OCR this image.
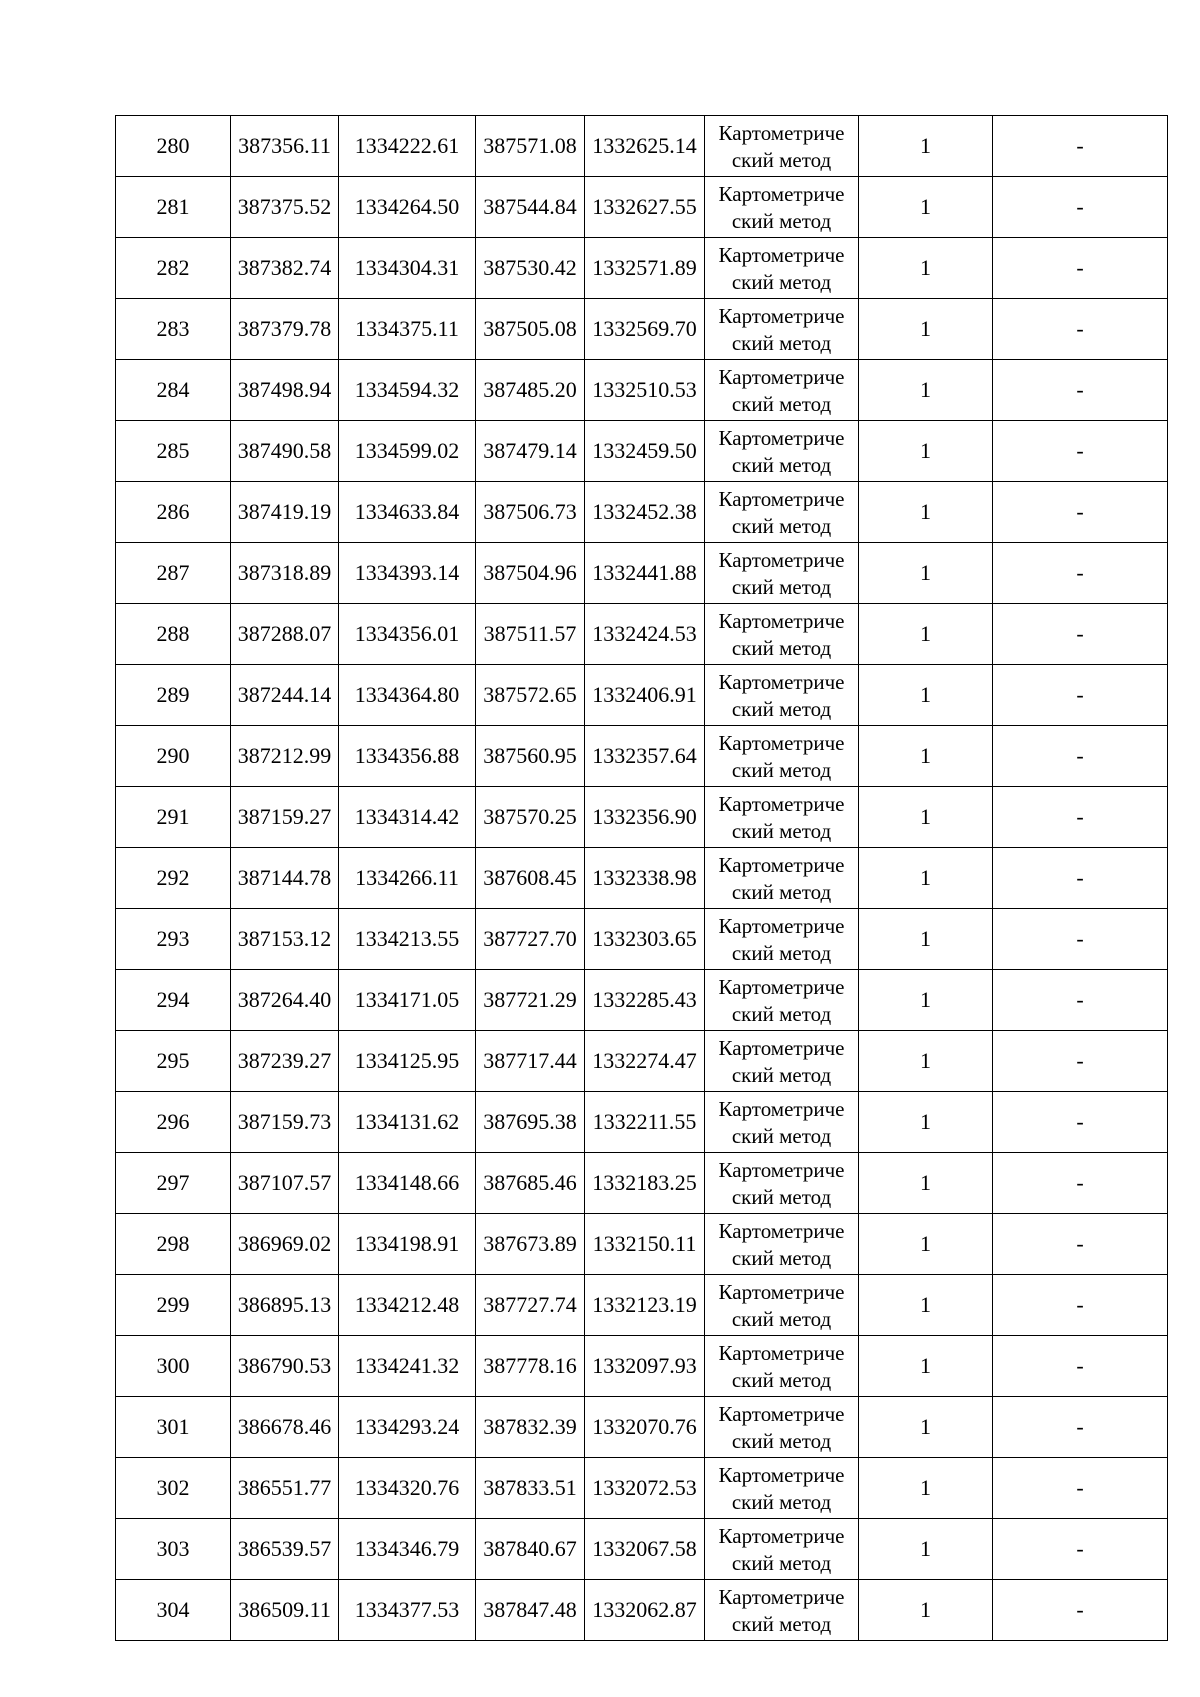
280	387356.11	1334222.61	387571.08	1332625.14	Картометриче
ский метод	1	-
281	387375.52	1334264.50	387544.84	1332627.55	Картометриче
ский метод	1	-
282	387382.74	1334304.31	387530.42	1332571.89	Картометриче
ский метод	1	-
283	387379.78	1334375.11	387505.08	1332569.70	Картометриче
ский метод	1	-
284	387498.94	1334594.32	387485.20	1332510.53	Картометриче
ский метод	1	-
285	387490.58	1334599.02	387479.14	1332459.50	Картометриче
ский метод	1	-
286	387419.19	1334633.84	387506.73	1332452.38	Картометриче
ский метод	1	-
287	387318.89	1334393.14	387504.96	1332441.88	Картометриче
ский метод	1	-
288	387288.07	1334356.01	387511.57	1332424.53	Картометриче
ский метод	1	-
289	387244.14	1334364.80	387572.65	1332406.91	Картометриче
ский метод	1	-
290	387212.99	1334356.88	387560.95	1332357.64	Картометриче
ский метод	1	-
291	387159.27	1334314.42	387570.25	1332356.90	Картометриче
ский метод	1	-
292	387144.78	1334266.11	387608.45	1332338.98	Картометриче
ский метод	1	-
293	387153.12	1334213.55	387727.70	1332303.65	Картометриче
ский метод	1	-
294	387264.40	1334171.05	387721.29	1332285.43	Картометриче
ский метод	1	-
295	387239.27	1334125.95	387717.44	1332274.47	Картометриче
ский метод	1	-
296	387159.73	1334131.62	387695.38	1332211.55	Картометриче
ский метод	1	-
297	387107.57	1334148.66	387685.46	1332183.25	Картометриче
ский метод	1	-
298	386969.02	1334198.91	387673.89	1332150.11	Картометриче
ский метод	1	-
299	386895.13	1334212.48	387727.74	1332123.19	Картометриче
ский метод	1	-
300	386790.53	1334241.32	387778.16	1332097.93	Картометриче
ский метод	1	-
301	386678.46	1334293.24	387832.39	1332070.76	Картометриче
ский метод	1	-
302	386551.77	1334320.76	387833.51	1332072.53	Картометриче
ский метод	1	-
303	386539.57	1334346.79	387840.67	1332067.58	Картометриче
ский метод	1	-
304	386509.11	1334377.53	387847.48	1332062.87	Картометриче
ский метод	1	-
